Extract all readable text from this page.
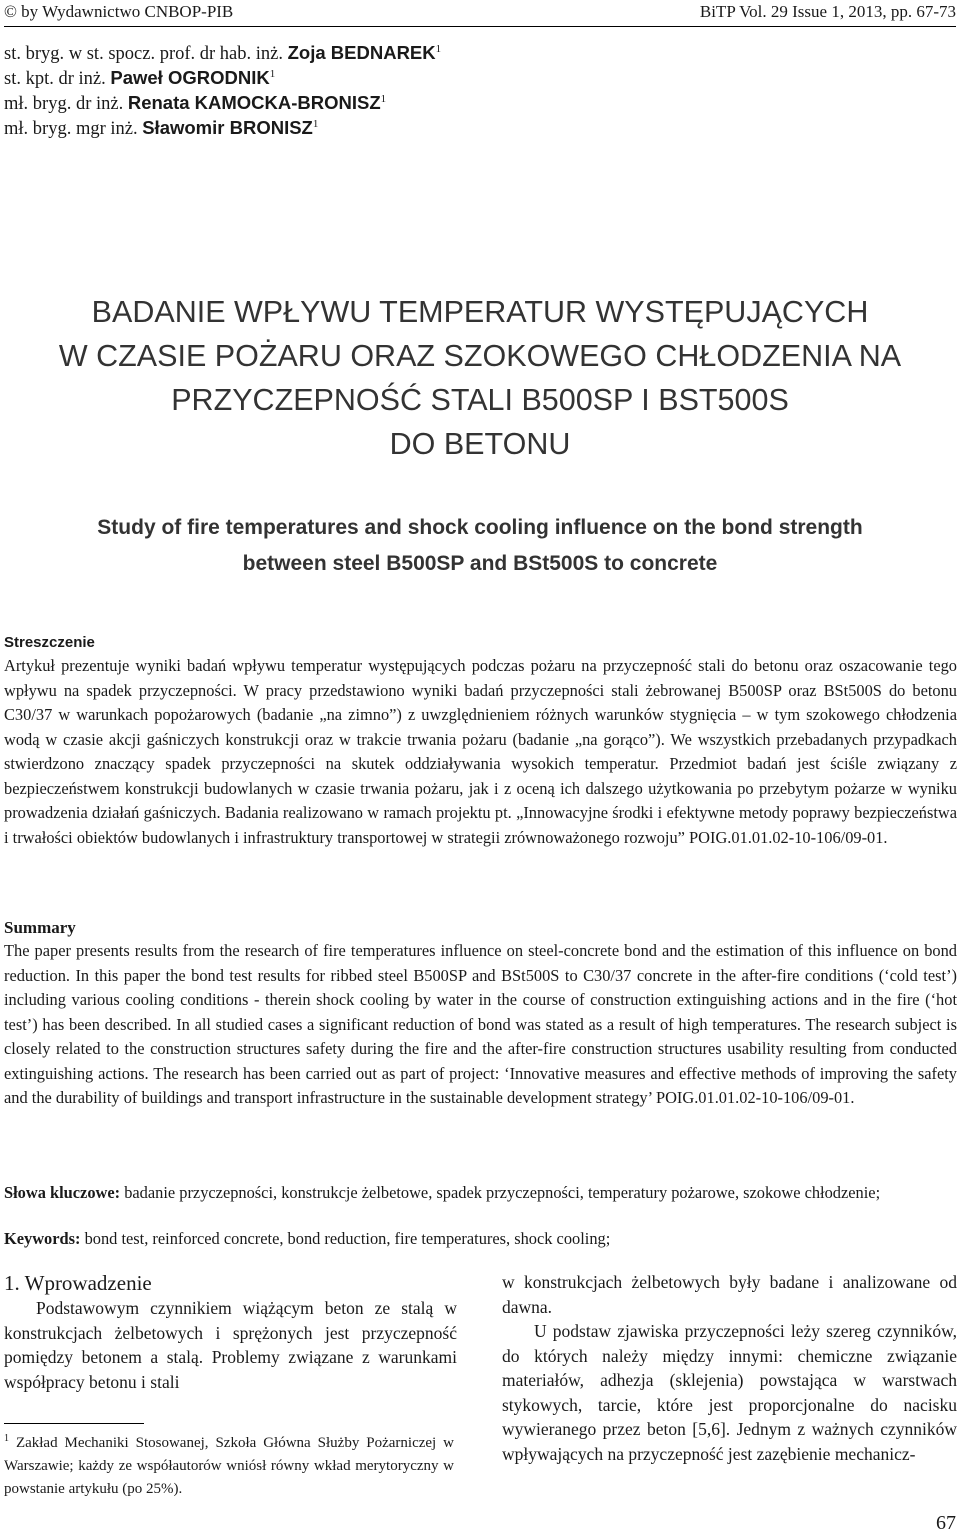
© by Wydawnictwo CNBOP-PIB	BiTP Vol. 29 Issue 1, 2013, pp. 67-73
st. bryg. w st. spocz. prof. dr hab. inż. Zoja BEDNAREK$^1$
st. kpt. dr inż. Paweł OGRODNIK$^1$
mł. bryg. dr inż. Renata KAMOCKA-BRONISZ$^1$
mł. bryg. mgr inż. Sławomir BRONISZ$^1$
BADANIE WPŁYWU TEMPERATUR WYSTĘPUJĄCYCH
W CZASIE POŻARU ORAZ SZOKOWEGO CHŁODZENIA NA
PRZYCZEPNOŚĆ STALI B500SP I BST500S
DO BETONU
Study of fire temperatures and shock cooling influence on the bond strength
between steel B500SP and BSt500S to concrete
Streszczenie
Artykuł prezentuje wyniki badań wpływu temperatur występujących podczas pożaru na przyczepność stali do betonu oraz oszacowanie tego wpływu na spadek przyczepności. W pracy przedstawiono wyniki badań przyczepności stali żebrowanej B500SP oraz BSt500S do betonu C30/37 w warunkach popożarowych (badanie „na zimno”) z uwzględnieniem różnych warunków stygnięcia – w tym szokowego chłodzenia wodą w czasie akcji gaśniczych konstrukcji oraz w trakcie trwania pożaru (badanie „na gorąco”). We wszystkich przebadanych przypadkach stwierdzono znaczący spadek przyczepności na skutek oddziaływania wysokich temperatur. Przedmiot badań jest ściśle związany z bezpieczeństwem konstrukcji budowlanych w czasie trwania pożaru, jak i z oceną ich dalszego użytkowania po przebytym pożarze w wyniku prowadzenia działań gaśniczych. Badania realizowano w ramach projektu pt. „Innowacyjne środki i efektywne metody poprawy bezpieczeństwa i trwałości obiektów budowlanych i infrastruktury transportowej w strategii zrównoważonego rozwoju” POIG.01.01.02-10-106/09-01.
Summary
The paper presents results from the research of fire temperatures influence on steel-concrete bond and the estimation of this influence on bond reduction. In this paper the bond test results for ribbed steel B500SP and BSt500S to C30/37 concrete in the after-fire conditions (‘cold test’) including various cooling conditions - therein shock cooling by water in the course of construction extinguishing actions and in the fire (‘hot test’) has been described. In all studied cases a significant reduction of bond was stated as a result of high temperatures. The research subject is closely related to the construction structures safety during the fire and the after-fire construction structures usability resulting from conducted extinguishing actions. The research has been carried out as part of project: ‘Innovative measures and effective methods of improving the safety and the durability of buildings and transport infrastructure in the sustainable development strategy’ POIG.01.01.02-10-106/09-01.
Słowa kluczowe: badanie przyczepności, konstrukcje żelbetowe, spadek przyczepności, temperatury pożarowe, szokowe chłodzenie;
Keywords: bond test, reinforced concrete, bond reduction, fire temperatures, shock cooling;
1. Wprowadzenie
Podstawowym czynnikiem wiążącym beton ze stalą w konstrukcjach żelbetowych i sprężonych jest przyczepność pomiędzy betonem a stalą. Problemy związane z warunkami współpracy betonu i stali
$^1$ Zakład Mechaniki Stosowanej, Szkoła Główna Służby Pożarniczej w Warszawie; każdy ze współautorów wniósł równy wkład merytoryczny w powstanie artykułu (po 25%).
w konstrukcjach żelbetowych były badane i analizowane od dawna.
U podstaw zjawiska przyczepności leży szereg czynników, do których należy między innymi: chemiczne związanie materiałów, adhezja (sklejenia) powstająca w warstwach stykowych, tarcie, które jest proporcjonalne do nacisku wywieranego przez beton [5,6]. Jednym z ważnych czynników wpływających na przyczepność jest zazębienie mechanicz-
67
